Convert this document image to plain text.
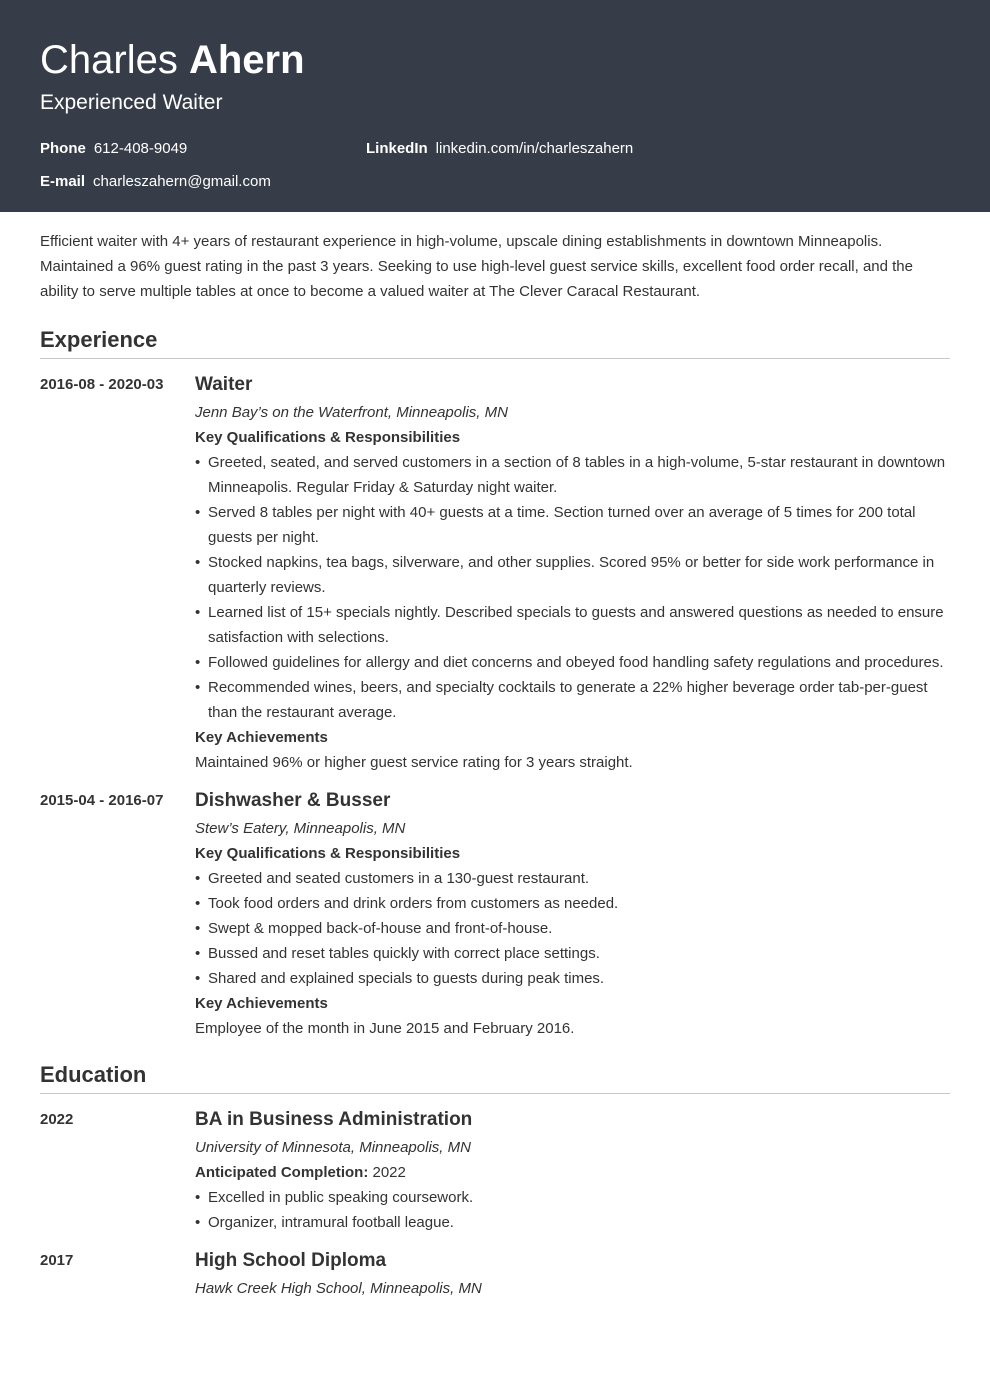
Charles Ahern
Experienced Waiter
Phone 612-408-9049	LinkedIn linkedin.com/in/charleszahern
E-mail charleszahern@gmail.com

Efficient waiter with 4+ years of restaurant experience in high-volume, upscale dining establishments in downtown Minneapolis. Maintained a 96% guest rating in the past 3 years. Seeking to use high-level guest service skills, excellent food order recall, and the ability to serve multiple tables at once to become a valued waiter at The Clever Caracal Restaurant.

Experience
2016-08 - 2020-03	Waiter
Jenn Bay’s on the Waterfront, Minneapolis, MN
Key Qualifications & Responsibilities
• Greeted, seated, and served customers in a section of 8 tables in a high-volume, 5-star restaurant in downtown Minneapolis. Regular Friday & Saturday night waiter.
• Served 8 tables per night with 40+ guests at a time. Section turned over an average of 5 times for 200 total guests per night.
• Stocked napkins, tea bags, silverware, and other supplies. Scored 95% or better for side work performance in quarterly reviews.
• Learned list of 15+ specials nightly. Described specials to guests and answered questions as needed to ensure satisfaction with selections.
• Followed guidelines for allergy and diet concerns and obeyed food handling safety regulations and procedures.
• Recommended wines, beers, and specialty cocktails to generate a 22% higher beverage order tab-per-guest than the restaurant average.
Key Achievements
Maintained 96% or higher guest service rating for 3 years straight.
2015-04 - 2016-07	Dishwasher & Busser
Stew’s Eatery, Minneapolis, MN
Key Qualifications & Responsibilities
• Greeted and seated customers in a 130-guest restaurant.
• Took food orders and drink orders from customers as needed.
• Swept & mopped back-of-house and front-of-house.
• Bussed and reset tables quickly with correct place settings.
• Shared and explained specials to guests during peak times.
Key Achievements
Employee of the month in June 2015 and February 2016.
Education
2022	BA in Business Administration
University of Minnesota, Minneapolis, MN
Anticipated Completion: 2022
• Excelled in public speaking coursework.
• Organizer, intramural football league.
2017	High School Diploma
Hawk Creek High School, Minneapolis, MN
